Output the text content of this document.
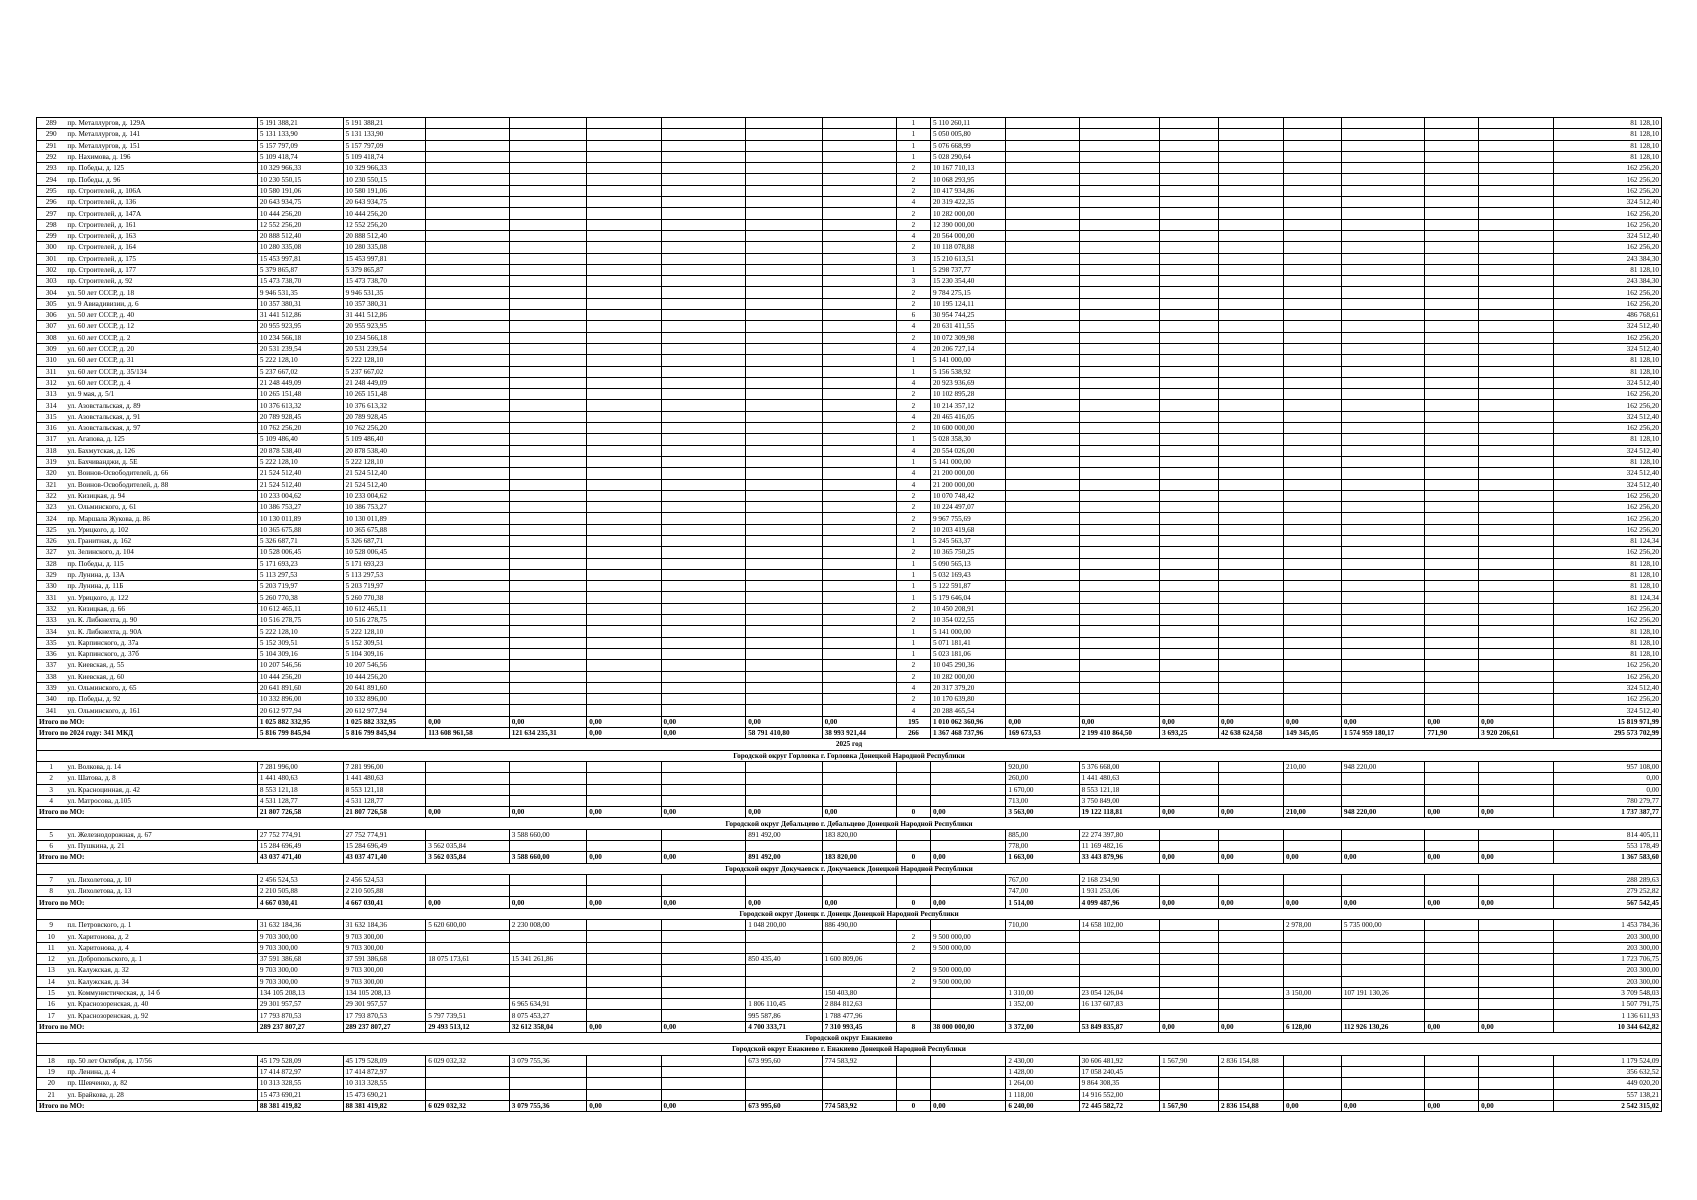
289	пр. Металлургов, д. 129А	5 191 388,21	5 191 388,21							1	5 110 260,11									81 128,10
290	пр. Металлургов, д. 141	5 131 133,90	5 131 133,90							1	5 050 005,80									81 128,10
291	пр. Металлургов, д. 151	5 157 797,09	5 157 797,09							1	5 076 668,99									81 128,10
292	пр. Нахимова, д. 196	5 109 418,74	5 109 418,74							1	5 028 290,64									81 128,10
293	пр. Победы, д. 125	10 329 966,33	10 329 966,33							2	10 167 710,13									162 256,20
294	пр. Победы, д. 96	10 230 550,15	10 230 550,15							2	10 068 293,95									162 256,20
295	пр. Строителей, д. 106А	10 580 191,06	10 580 191,06							2	10 417 934,86									162 256,20
296	пр. Строителей, д. 136	20 643 934,75	20 643 934,75							4	20 319 422,35									324 512,40
297	пр. Строителей, д. 147А	10 444 256,20	10 444 256,20							2	10 282 000,00									162 256,20
298	пр. Строителей, д. 161	12 552 256,20	12 552 256,20							2	12 390 000,00									162 256,20
299	пр. Строителей, д. 163	20 888 512,40	20 888 512,40							4	20 564 000,00									324 512,40
300	пр. Строителей, д. 164	10 280 335,08	10 280 335,08							2	10 118 078,88									162 256,20
301	пр. Строителей, д. 175	15 453 997,81	15 453 997,81							3	15 210 613,51									243 384,30
302	пр. Строителей, д. 177	5 379 865,87	5 379 865,87							1	5 298 737,77									81 128,10
303	пр. Строителей, д. 92	15 473 738,70	15 473 738,70							3	15 230 354,40									243 384,30
304	ул. 50 лет СССР, д. 18	9 946 531,35	9 946 531,35							2	9 784 275,15									162 256,20
305	ул. 9 Авиадивизии, д. 6	10 357 380,31	10 357 380,31							2	10 195 124,11									162 256,20
306	ул. 50 лет СССР, д. 40	31 441 512,86	31 441 512,86							6	30 954 744,25									486 768,61
307	ул. 60 лет СССР, д. 12	20 955 923,95	20 955 923,95							4	20 631 411,55									324 512,40
308	ул. 60 лет СССР, д. 2	10 234 566,18	10 234 566,18							2	10 072 309,98									162 256,20
309	ул. 60 лет СССР, д. 20	20 531 239,54	20 531 239,54							4	20 206 727,14									324 512,40
310	ул. 60 лет СССР, д. 31	5 222 128,10	5 222 128,10							1	5 141 000,00									81 128,10
311	ул. 60 лет СССР, д. 35/134	5 237 667,02	5 237 667,02							1	5 156 538,92									81 128,10
312	ул. 60 лет СССР, д. 4	21 248 449,09	21 248 449,09							4	20 923 936,69									324 512,40
313	ул. 9 мая, д. 5/1	10 265 151,48	10 265 151,48							2	10 102 895,28									162 256,20
314	ул. Азовстальская, д. 89	10 376 613,32	10 376 613,32							2	10 214 357,12									162 256,20
315	ул. Азовстальская, д. 91	20 789 928,45	20 789 928,45							4	20 465 416,05									324 512,40
316	ул. Азовстальская, д. 97	10 762 256,20	10 762 256,20							2	10 600 000,00									162 256,20
317	ул. Агапова, д. 125	5 109 486,40	5 109 486,40							1	5 028 358,30									81 128,10
318	ул. Бахмутская, д. 126	20 878 538,40	20 878 538,40							4	20 554 026,00									324 512,40
319	ул. Бахчиванджи, д. 5Е	5 222 128,10	5 222 128,10							1	5 141 000,00									81 128,10
320	ул. Воинов-Освободителей, д. 66	21 524 512,40	21 524 512,40							4	21 200 000,00									324 512,40
321	ул. Воинов-Освободителей, д. 88	21 524 512,40	21 524 512,40							4	21 200 000,00									324 512,40
322	ул. Кизицкая, д. 94	10 233 004,62	10 233 004,62							2	10 070 748,42									162 256,20
323	ул. Ольминского, д. 61	10 386 753,27	10 386 753,27							2	10 224 497,07									162 256,20
324	пр. Маршала Жукова, д. 86	10 130 011,89	10 130 011,89							2	9 967 755,69									162 256,20
325	ул. Урицкого, д. 102	10 365 675,88	10 365 675,88							2	10 203 419,68									162 256,20
326	ул. Гранитная, д. 162	5 326 687,71	5 326 687,71							1	5 245 563,37									81 124,34
327	ул. Зелинского, д. 104	10 528 006,45	10 528 006,45							2	10 365 750,25									162 256,20
328	пр. Победы, д. 115	5 171 693,23	5 171 693,23							1	5 090 565,13									81 128,10
329	пр. Лунина, д. 13А	5 113 297,53	5 113 297,53							1	5 032 169,43									81 128,10
330	пр. Лунина, д. 11Б	5 203 719,97	5 203 719,97							1	5 122 591,87									81 128,10
331	ул. Урицкого, д. 122	5 260 770,38	5 260 770,38							1	5 179 646,04									81 124,34
332	ул. Кизицкая, д. 66	10 612 465,11	10 612 465,11							2	10 450 208,91									162 256,20
333	ул. К. Либкнехта, д. 90	10 516 278,75	10 516 278,75							2	10 354 022,55									162 256,20
334	ул. К. Либкнехта, д. 90А	5 222 128,10	5 222 128,10							1	5 141 000,00									81 128,10
335	ул. Карпинского, д. 37а	5 152 309,51	5 152 309,51							1	5 071 181,41									81 128,10
336	ул. Карпинского, д. 37б	5 104 309,16	5 104 309,16							1	5 023 181,06									81 128,10
337	ул. Киевская, д. 55	10 207 546,56	10 207 546,56							2	10 045 290,36									162 256,20
338	ул. Киевская, д. 60	10 444 256,20	10 444 256,20							2	10 282 000,00									162 256,20
339	ул. Ольминского, д. 65	20 641 891,60	20 641 891,60							4	20 317 379,20									324 512,40
340	пр. Победы, д. 92	10 332 896,00	10 332 896,00							2	10 170 639,80									162 256,20
341	ул. Ольминского, д. 161	20 612 977,94	20 612 977,94							4	20 288 465,54									324 512,40
Итого по МО:		1 025 882 332,95	1 025 882 332,95	0,00	0,00	0,00	0,00	0,00	0,00	195	1 010 062 360,96	0,00	0,00	0,00	0,00	0,00	0,00	0,00	0,00	15 819 971,99
Итого по 2024 году: 341 МКД		5 816 799 845,94	5 816 799 845,94	113 608 961,58	121 634 235,31	0,00	0,00	58 791 410,80	38 993 921,44	266	1 367 468 737,96	169 673,53	2 199 410 864,50	3 693,25	42 638 624,58	149 345,05	1 574 959 180,17	771,90	3 920 206,61	295 573 702,99
2025 год																				
Городской округ Горловка г. Горловка Донецкой Народной Республики																				
1	ул. Волкова, д. 14	7 281 996,00	7 281 996,00									920,00	5 376 668,00			210,00	948 220,00			957 108,00
2	ул. Шатова, д. 8	1 441 480,63	1 441 480,63									260,00	1 441 480,63							0,00
3	ул. Красноцинная, д. 42	8 553 121,18	8 553 121,18									1 670,00	8 553 121,18							0,00
4	ул. Матросова, д.105	4 531 128,77	4 531 128,77									713,00	3 750 849,00							780 279,77
Итого по МО:		21 807 726,58	21 807 726,58	0,00	0,00	0,00	0,00	0,00	0,00	0	0,00	3 563,00	19 122 118,81	0,00	0,00	210,00	948 220,00	0,00	0,00	1 737 387,77
Городской округ Дебальцево г. Дебальцево Донецкой Народной Республики																				
5	ул. Железнодорожная, д. 67	27 752 774,91	27 752 774,91		3 588 660,00			891 492,00	183 820,00			885,00	22 274 397,80							814 405,11
6	ул. Пушкина, д. 21	15 284 696,49	15 284 696,49	3 562 035,84								778,00	11 169 482,16							553 178,49
Итого по МО:		43 037 471,40	43 037 471,40	3 562 035,84	3 588 660,00	0,00	0,00	891 492,00	183 820,00	0	0,00	1 663,00	33 443 879,96	0,00	0,00	0,00	0,00	0,00	0,00	1 367 583,60
Городской округ Докучаевск г. Докучаевск Донецкой Народной Республики																				
7	ул. Лихолетова, д. 10	2 456 524,53	2 456 524,53									767,00	2 168 234,90							288 289,63
8	ул. Лихолетова, д. 13	2 210 505,88	2 210 505,88									747,00	1 931 253,06							279 252,82
Итого по МО:		4 667 030,41	4 667 030,41	0,00	0,00	0,00	0,00	0,00	0,00	0	0,00	1 514,00	4 099 487,96	0,00	0,00	0,00	0,00	0,00	0,00	567 542,45
Городской округ Донецк г. Донецк Донецкой Народной Республики																				
9	пл. Петровского, д. 1	31 632 184,36	31 632 184,36	5 620 600,00	2 230 008,00			1 048 200,00	886 490,00			710,00	14 658 102,00			2 978,00	5 735 000,00			1 453 784,36
10	ул. Харитонова, д. 2	9 703 300,00	9 703 300,00							2	9 500 000,00									203 300,00
11	ул. Харитонова, д. 4	9 703 300,00	9 703 300,00							2	9 500 000,00									203 300,00
12	ул. Добропольского, д. 1	37 591 386,68	37 591 386,68	18 075 173,61	15 341 261,86			850 435,40	1 600 809,06											1 723 706,75
13	ул. Калужская, д. 32	9 703 300,00	9 703 300,00							2	9 500 000,00									203 300,00
14	ул. Калужская, д. 34	9 703 300,00	9 703 300,00							2	9 500 000,00									203 300,00
15	ул. Коммунистическая, д. 14 б	134 105 208,13	134 105 208,13						150 403,80			1 310,00	23 054 126,04			3 150,00	107 191 130,26			3 709 548,03
16	ул. Краснозоренская, д. 40	29 301 957,57	29 301 957,57		6 965 634,91			1 806 110,45	2 884 812,63			1 352,00	16 137 607,83							1 507 791,75
17	ул. Краснозоренская, д. 92	17 793 870,53	17 793 870,53	5 797 739,51	8 075 453,27			995 587,86	1 788 477,96											1 136 611,93
Итого по МО:		289 237 807,27	289 237 807,27	29 493 513,12	32 612 358,04	0,00	0,00	4 700 333,71	7 310 993,45	8	38 000 000,00	3 372,00	53 849 835,87	0,00	0,00	6 128,00	112 926 130,26	0,00	0,00	10 344 642,82
Городской округ Енакиево																				
Городской округ Енакиево г. Енакиево Донецкой Народной Республики																				
18	пр. 50 лет Октября, д. 17/56	45 179 528,09	45 179 528,09	6 029 032,32	3 079 755,36			673 995,60	774 583,92			2 430,00	30 606 481,92	1 567,90	2 836 154,88					1 179 524,09
19	пр. Ленина, д. 4	17 414 872,97	17 414 872,97									1 428,00	17 058 240,45							356 632,52
20	пр. Шевченко, д. 82	10 313 328,55	10 313 328,55									1 264,00	9 864 308,35							449 020,20
21	ул. Брайкова, д. 28	15 473 690,21	15 473 690,21									1 118,00	14 916 552,00							557 138,21
Итого по МО:		88 381 419,82	88 381 419,82	6 029 032,32	3 079 755,36	0,00	0,00	673 995,60	774 583,92	0	0,00	6 240,00	72 445 582,72	1 567,90	2 836 154,88	0,00	0,00	0,00	0,00	2 542 315,02
